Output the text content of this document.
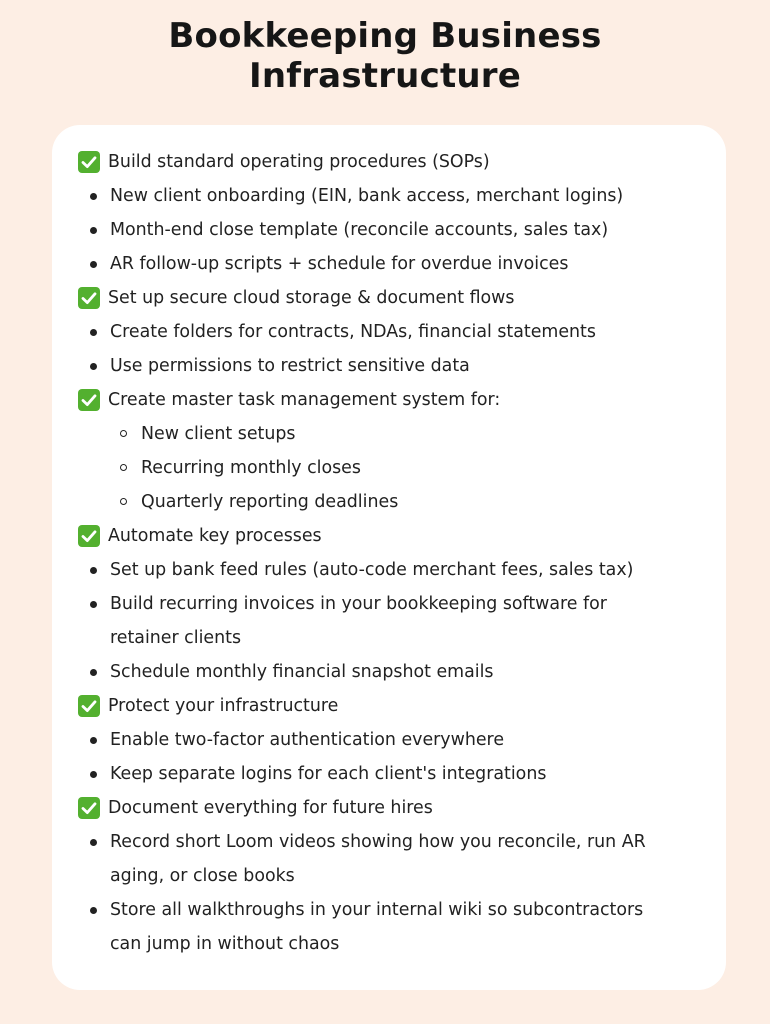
Bookkeeping Business
Infrastructure
Build standard operating procedures (SOPs)
New client onboarding (EIN, bank access, merchant logins)
Month-end close template (reconcile accounts, sales tax)
AR follow-up scripts + schedule for overdue invoices
Set up secure cloud storage & document flows
Create folders for contracts, NDAs, financial statements
Use permissions to restrict sensitive data
Create master task management system for:
New client setups
Recurring monthly closes
Quarterly reporting deadlines
Automate key processes
Set up bank feed rules (auto-code merchant fees, sales tax)
Build recurring invoices in your bookkeeping software for retainer clients
Schedule monthly financial snapshot emails
Protect your infrastructure
Enable two-factor authentication everywhere
Keep separate logins for each client's integrations
Document everything for future hires
Record short Loom videos showing how you reconcile, run AR aging, or close books
Store all walkthroughs in your internal wiki so subcontractors can jump in without chaos
